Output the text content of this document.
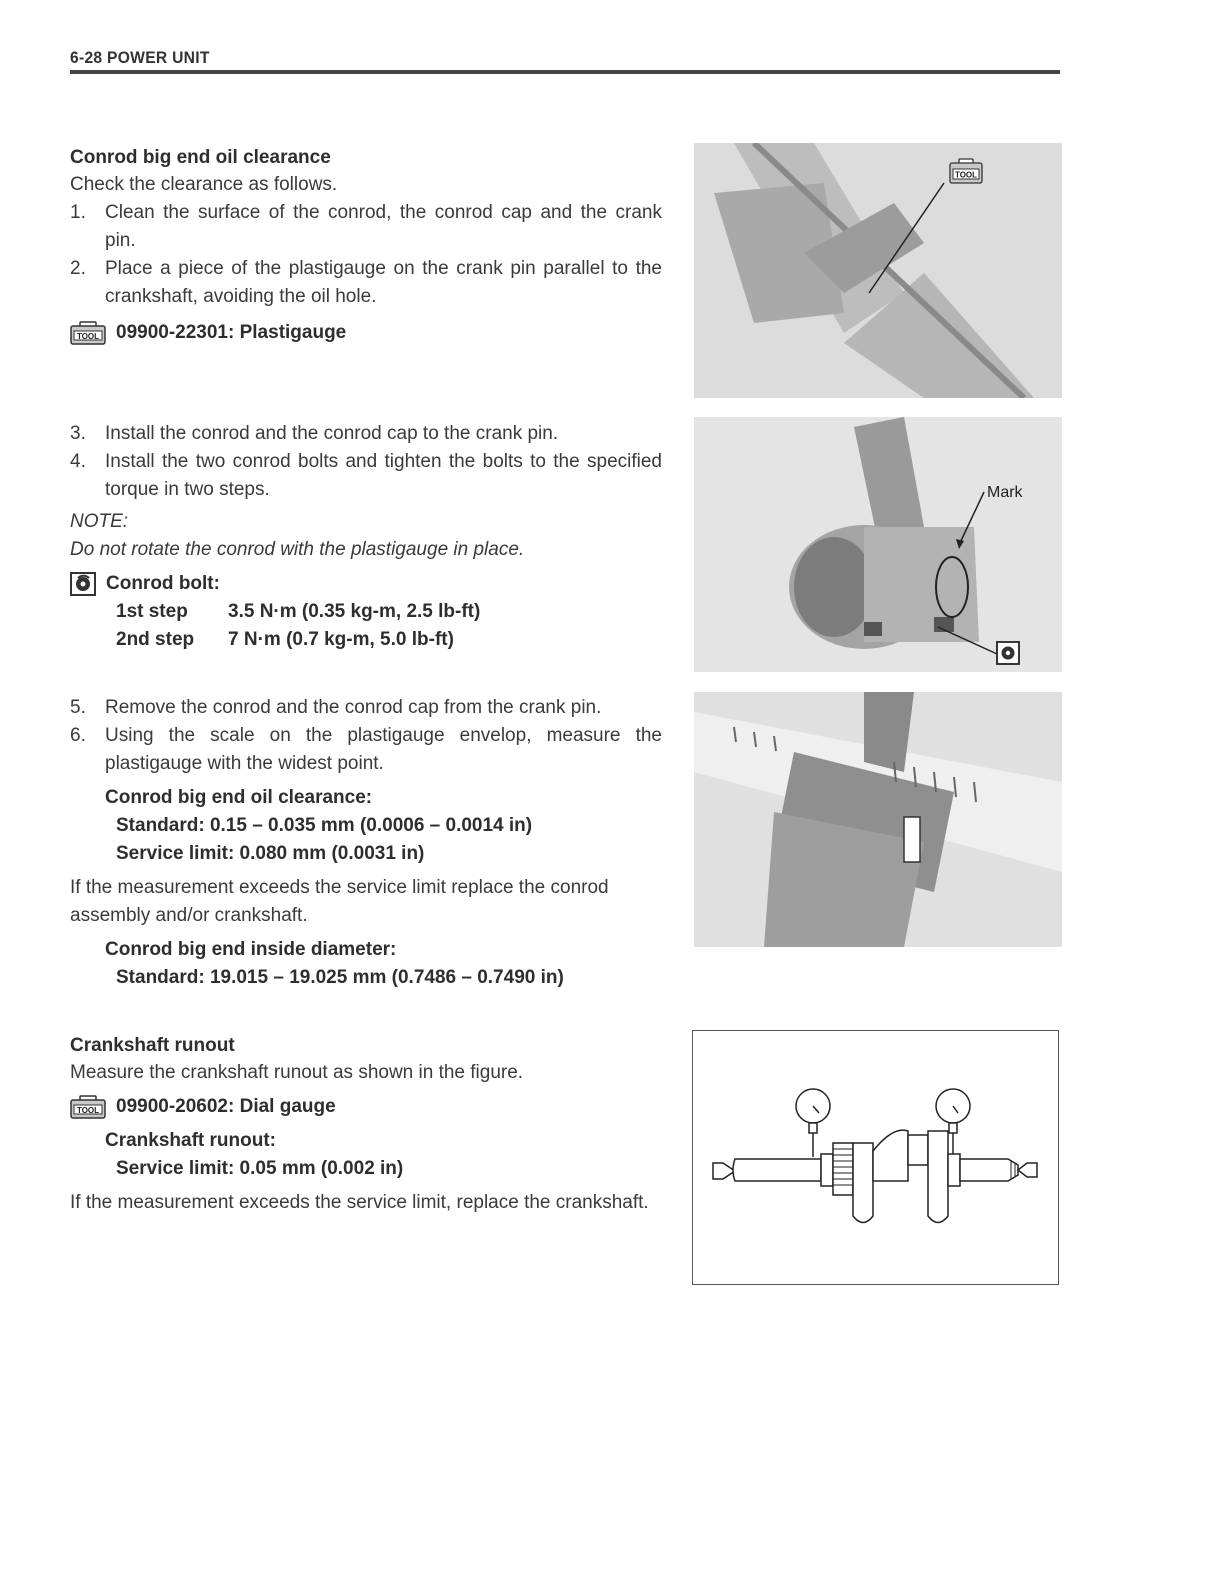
6-28 POWER UNIT
Conrod big end oil clearance
Check the clearance as follows.
1.	Clean the surface of the conrod, the conrod cap and the crank pin.
2.	Place a piece of the plastigauge on the crank pin parallel to the crankshaft, avoiding the oil hole.
TOOL 09900-22301: Plastigauge
3.	Install the conrod and the conrod cap to the crank pin.
4.	Install the two conrod bolts and tighten the bolts to the specified torque in two steps.
NOTE:
Do not rotate the conrod with the plastigauge in place.
Conrod bolt:
1st step	3.5 N·m (0.35 kg-m, 2.5 lb-ft)
2nd step	7 N·m (0.7 kg-m, 5.0 lb-ft)
5.	Remove the conrod and the conrod cap from the crank pin.
6.	Using the scale on the plastigauge envelop, measure the plastigauge with the widest point.
Conrod big end oil clearance:
Standard: 0.15 – 0.035 mm (0.0006 – 0.0014 in)
Service limit: 0.080 mm (0.0031 in)
If the measurement exceeds the service limit replace the conrod assembly and/or crankshaft.
Conrod big end inside diameter:
Standard: 19.015 – 19.025 mm (0.7486 – 0.7490 in)
Crankshaft runout
Measure the crankshaft runout as shown in the figure.
TOOL 09900-20602: Dial gauge
Crankshaft runout:
Service limit: 0.05 mm (0.002 in)
If the measurement exceeds the service limit, replace the crankshaft.
TOOL
Mark
